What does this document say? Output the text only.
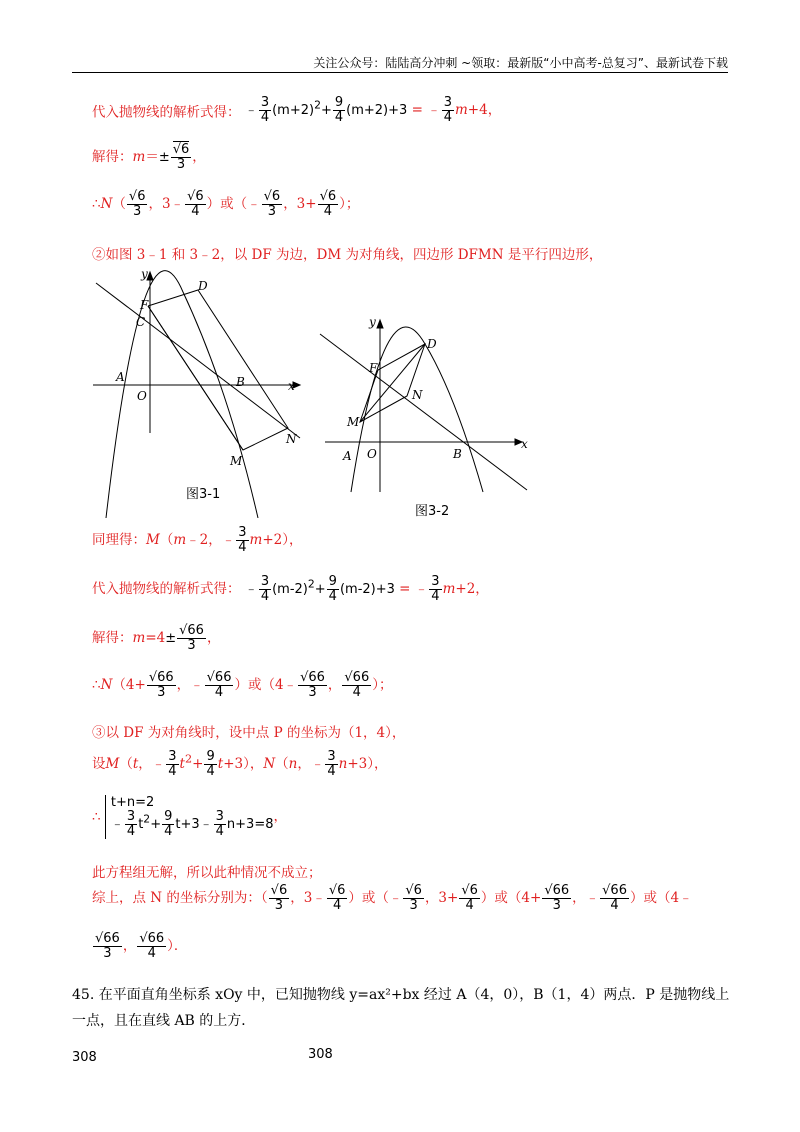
关注公众号：陆陆高分冲刺 ~领取：最新版“小中高考-总复习”、最新试卷下载
代入抛物线的解析式得： ﹣ $\frac{3}{4} (m+2)^2+ \frac{9}{4} (m+2)+3$ = ﹣ $\frac{3}{4} m+4$，
解得：$m=\pm \frac{√6}{3}$ ，
∴N（ $\frac{√6}{3}$ ，3﹣ $\frac{√6}{4}$ ）或（﹣ $\frac{√6}{3}$ ，$3+ \frac{√6}{4}$ ）；
②如图 3﹣1 和 3﹣2，以 DF 为边，DM 为对角线，四边形 DFMN 是平行四边形，
y
x
A
O
B
C
F
D
M
N
图3-1
y
x
A O	B
F
D
M
N
图3-2
同理得：M（m﹣2，﹣ $\frac{3}{4} m+2$），
代入抛物线的解析式得： ﹣ $\frac{3}{4} (m-2)^2+ \frac{9}{4} (m-2)+3$ = ﹣ $\frac{3}{4} m+2$，
解得：$m=4\pm \frac{√66}{3}$ ，
∴N（4+ $\frac{√66}{3}$ ，﹣ $\frac{√66}{4}$ ）或（4﹣ $\frac{√66}{3}$ ， $\frac{√66}{4}$ ）；
③以 DF 为对角线时，设中点 P 的坐标为（1，4），
设M（t，﹣ $\frac{3}{4} t^2+ \frac{9}{4} t+3$），N（n，﹣ $\frac{3}{4} n+3$），
∴
t+n=2
﹣ $\frac{3}{4} t^2+ \frac{9}{4}$ t+3﹣ $\frac{3}{4} n+3=8$ ，
此方程组无解，所以此种情况不成立；
综上，点 N 的坐标分别为：（ $\frac{√6}{3}$ ，3﹣ $\frac{√6}{4}$ ）或（﹣ $\frac{√6}{3}$ ，$3+ \frac{√6}{4}$ ）或（$4+ \frac{√66}{3}$ ，﹣ $\frac{√66}{4}$ ）或（4﹣
$\frac{√66}{3}$ ， $\frac{√66}{4}$ ）．
45. 在平面直角坐标系 xOy 中，已知抛物线 y=ax²+bx 经过 A（4，0），B（1，4）两点．P 是抛物线上一点，且在直线 AB 的上方．
308	308
